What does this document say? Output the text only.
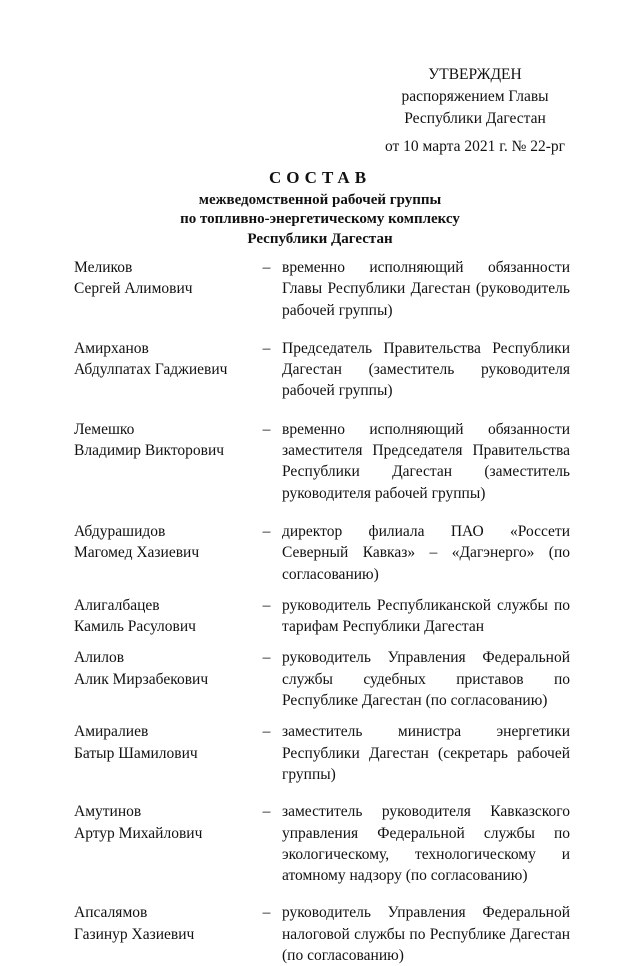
УТВЕРЖДЕН
распоряжением Главы
Республики Дагестан
от 10 марта 2021 г. № 22-рг
СОСТАВ
межведомственной рабочей группы
по топливно-энергетическому комплексу
Республики Дагестан
Меликов
Сергей Алимович
– временно исполняющий обязанности Главы Республики Дагестан (руководитель рабочей группы)
Амирханов
Абдулпатах Гаджиевич
– Председатель Правительства Республики Дагестан (заместитель руководителя рабочей группы)
Лемешко
Владимир Викторович
– временно исполняющий обязанности заместителя Председателя Правительства Республики Дагестан (заместитель руководителя рабочей группы)
Абдурашидов
Магомед Хазиевич
– директор филиала ПАО «Россети Северный Кавказ» – «Дагэнерго» (по согласованию)
Алигалбацев
Камиль Расулович
– руководитель Республиканской службы по тарифам Республики Дагестан
Алилов
Алик Мирзабекович
– руководитель Управления Федеральной службы судебных приставов по Республике Дагестан (по согласованию)
Амиралиев
Батыр Шамилович
– заместитель министра энергетики Республики Дагестан (секретарь рабочей группы)
Амутинов
Артур Михайлович
– заместитель руководителя Кавказского управления Федеральной службы по экологическому, технологическому и атомному надзору (по согласованию)
Апсалямов
Газинур Хазиевич
– руководитель Управления Федеральной налоговой службы по Республике Дагестан (по согласованию)
